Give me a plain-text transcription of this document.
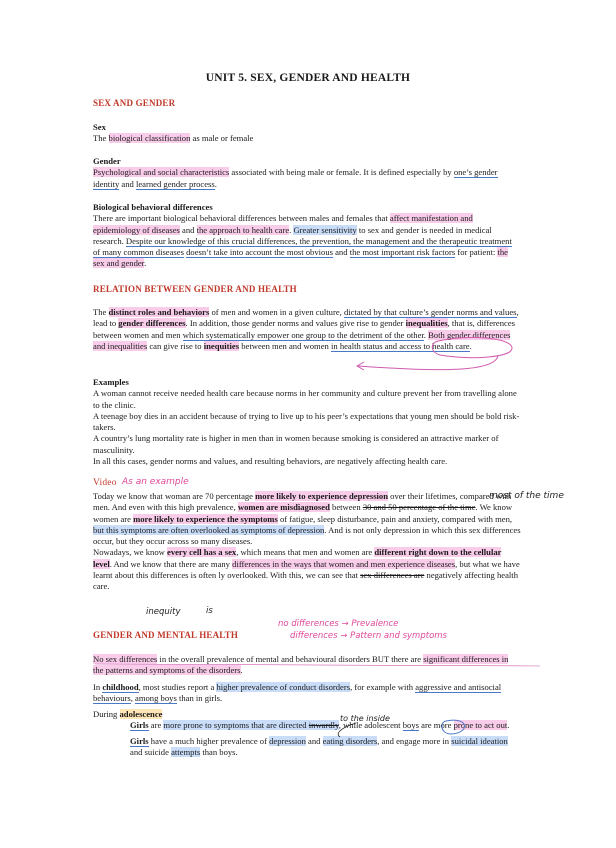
UNIT 5. SEX, GENDER AND HEALTH
SEX AND GENDER

Sex

The biological classification as male or female

Gender

Psychological and social characteristics associated with being male or female. It is defined especially by one’s gender identity and learned gender process.

Biological behavioral differences

There are important biological behavioral differences between males and females that affect manifestation and epidemiology of diseases and the approach to health care. Greater sensitivity to sex and gender is needed in medical research. Despite our knowledge of this crucial differences, the prevention, the management and the therapeutic treatment of many common diseases doesn’t take into account the most obvious and the most important risk factors for patient: the sex and gender.

RELATION BETWEEN GENDER AND HEALTH

The distinct roles and behaviors of men and women in a given culture, dictated by that culture’s gender norms and values, lead to gender differences. In addition, those gender norms and values give rise to gender inequalities, that is, differences between women and men which systematically empower one group to the detriment of the other. Both gender differences and inequalities can give rise to inequities between men and women in health status and access to health care.

Examples

A woman cannot receive needed health care because norms in her community and culture prevent her from travelling alone to the clinic.

A teenage boy dies in an accident because of trying to live up to his peer’s expectations that young men should be bold risk-takers.

A country’s lung mortality rate is higher in men than in women because smoking is considered an attractive marker of masculinity.

In all this cases, gender norms and values, and resulting behaviors, are negatively affecting health care.

Video As an example

Today we know that woman are 70 percentage more likely to experience depression over their lifetimes, compared with men. And even with this high prevalence, women are misdiagnosed between 30 and 50 percentage of the time. We know women are more likely to experience the symptoms of fatigue, sleep disturbance, pain and anxiety, compared with men, but this symptoms are often overlooked as symptoms of depression. And is not only depression in which this sex differences occur, but they occur across so many diseases.

Nowadays, we know every cell has a sex, which means that men and women are different right down to the cellular level. And we know that there are many differences in the ways that women and men experience diseases, but what we have learnt about this differences is often ly overlooked. With this, we can see that sex differences are negatively affecting health care.

most of the time
inequity	is
GENDER AND MENTAL HEALTH
no differences → Prevalence
differences → Pattern and symptoms

No sex differences in the overall prevalence of mental and behavioural disorders BUT there are significant differences in the patterns and symptoms of the disorders.

In childhood, most studies report a higher prevalence of conduct disorders, for example with aggressive and antisocial behaviours, among boys than in girls.

During adolescence

Girls are more prone to symptoms that are directed inwardly, while adolescent boys are more prone to act out.

Girls have a much higher prevalence of depression and eating disorders, and engage more in suicidal ideation and suicide attempts than boys.

to the inside
